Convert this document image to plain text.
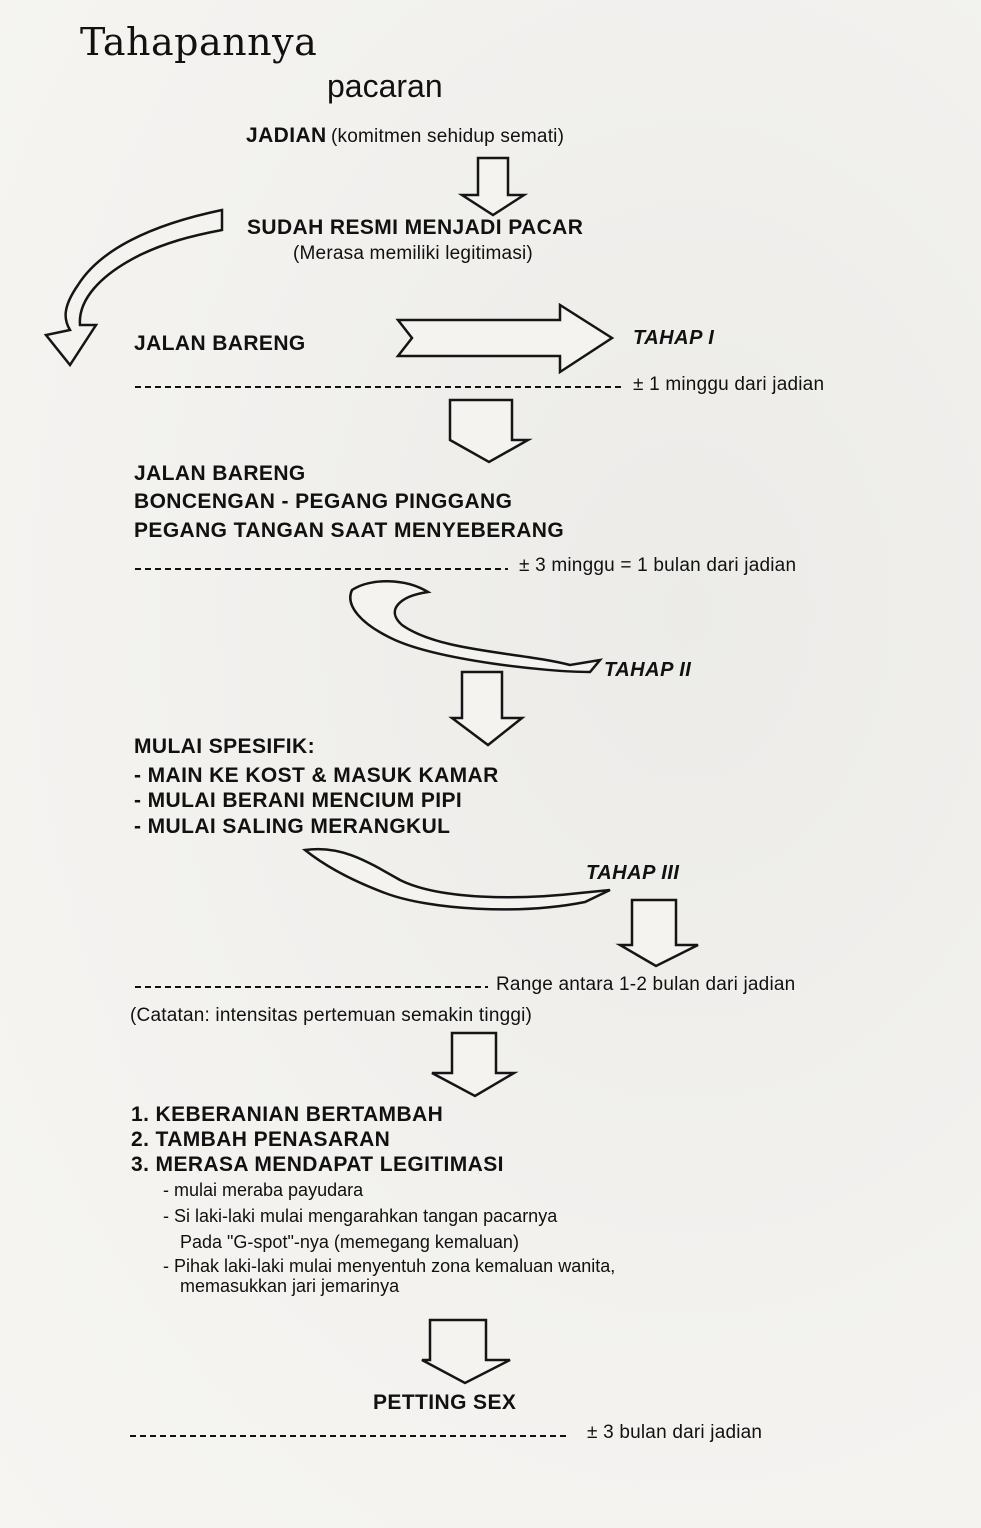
Tahapannya
pacaran
JADIAN (komitmen sehidup semati)
SUDAH RESMI MENJADI PACAR
(Merasa memiliki legitimasi)
JALAN BARENG	TAHAP I
± 1 minggu dari jadian
JALAN BARENG
BONCENGAN - PEGANG PINGGANG
PEGANG TANGAN SAAT MENYEBERANG
± 3 minggu = 1 bulan dari jadian
TAHAP II
MULAI SPESIFIK:
- MAIN KE KOST & MASUK KAMAR
- MULAI BERANI MENCIUM PIPI
- MULAI SALING MERANGKUL
TAHAP III
Range antara 1-2 bulan dari jadian
(Catatan: intensitas pertemuan semakin tinggi)
1. KEBERANIAN BERTAMBAH
2. TAMBAH PENASARAN
3. MERASA MENDAPAT LEGITIMASI
- mulai meraba payudara
- Si laki-laki mulai mengarahkan tangan pacarnya
Pada "G-spot"-nya (memegang kemaluan)
- Pihak laki-laki mulai menyentuh zona kemaluan wanita,
memasukkan jari jemarinya
PETTING SEX
± 3 bulan dari jadian
